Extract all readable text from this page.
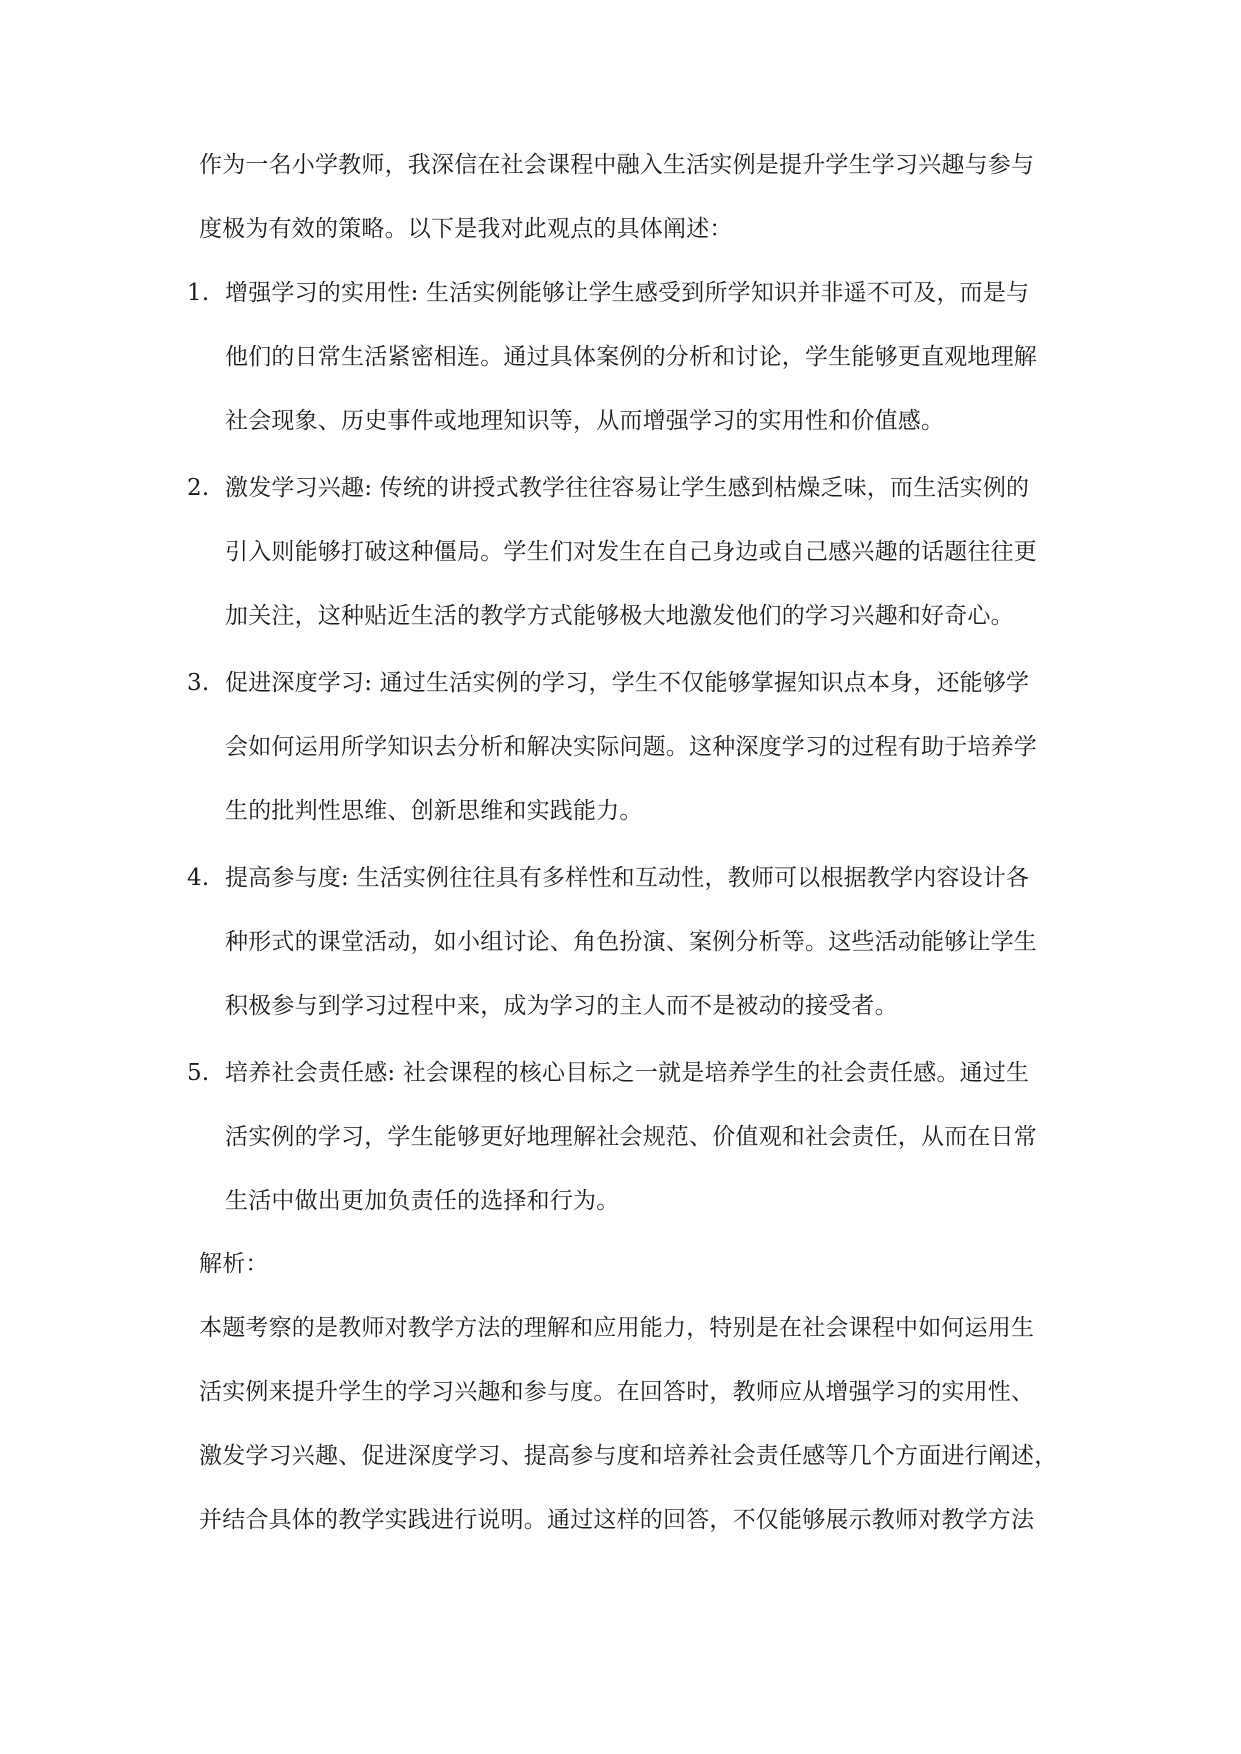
作为一名小学教师，我深信在社会课程中融入生活实例是提升学生学习兴趣与参与
度极为有效的策略。以下是我对此观点的具体阐述：
1. 增强学习的实用性: 生活实例能够让学生感受到所学知识并非遥不可及，而是与
他们的日常生活紧密相连。通过具体案例的分析和讨论，学生能够更直观地理解
社会现象、历史事件或地理知识等，从而增强学习的实用性和价值感。
2. 激发学习兴趣: 传统的讲授式教学往往容易让学生感到枯燥乏味，而生活实例的
引入则能够打破这种僵局。学生们对发生在自己身边或自己感兴趣的话题往往更
加关注，这种贴近生活的教学方式能够极大地激发他们的学习兴趣和好奇心。
3. 促进深度学习: 通过生活实例的学习，学生不仅能够掌握知识点本身，还能够学
会如何运用所学知识去分析和解决实际问题。这种深度学习的过程有助于培养学
生的批判性思维、创新思维和实践能力。
4. 提高参与度: 生活实例往往具有多样性和互动性，教师可以根据教学内容设计各
种形式的课堂活动，如小组讨论、角色扮演、案例分析等。这些活动能够让学生
积极参与到学习过程中来，成为学习的主人而不是被动的接受者。
5. 培养社会责任感: 社会课程的核心目标之一就是培养学生的社会责任感。通过生
活实例的学习，学生能够更好地理解社会规范、价值观和社会责任，从而在日常
生活中做出更加负责任的选择和行为。
解析：
本题考察的是教师对教学方法的理解和应用能力，特别是在社会课程中如何运用生
活实例来提升学生的学习兴趣和参与度。在回答时，教师应从增强学习的实用性、
激发学习兴趣、促进深度学习、提高参与度和培养社会责任感等几个方面进行阐述，
并结合具体的教学实践进行说明。通过这样的回答，不仅能够展示教师对教学方法
